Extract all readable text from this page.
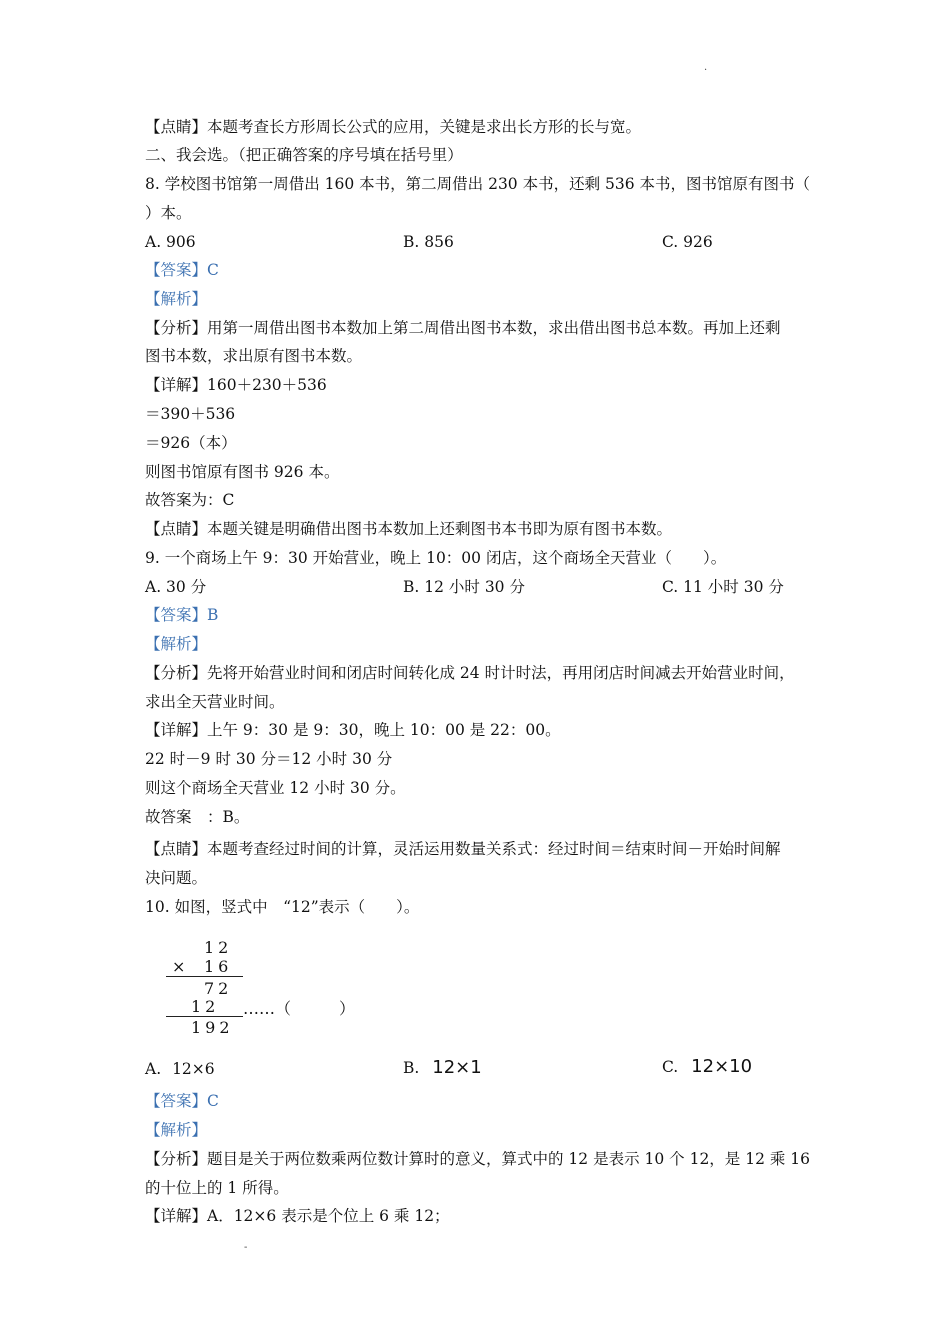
.
【点睛】本题考查长方形周长公式的应用，关键是求出长方形的长与宽。
二、我会选。（把正确答案的序号填在括号里）
8. 学校图书馆第一周借出 160 本书，第二周借出 230 本书，还剩 536 本书，图书馆原有图书（
）本。
A. 906	B. 856	C. 926
【答案】C
【解析】
【分析】用第一周借出图书本数加上第二周借出图书本数，求出借出图书总本数。再加上还剩
图书本数，求出原有图书本数。
【详解】160＋230＋536
＝390＋536
＝926（本）
则图书馆原有图书 926 本。
故答案为：C
【点睛】本题关键是明确借出图书本数加上还剩图书本书即为原有图书本数。
9. 一个商场上午 9：30 开始营业，晚上 10：00 闭店，这个商场全天营业（　　）。
A. 30 分	B. 12 小时 30 分	C. 11 小时 30 分
【答案】B
【解析】
【分析】先将开始营业时间和闭店时间转化成 24 时计时法，再用闭店时间减去开始营业时间，
求出全天营业时间。
【详解】上午 9：30 是 9：30，晚上 10：00 是 22：00。
22 时－9 时 30 分＝12 小时 30 分
则这个商场全天营业 12 小时 30 分。
故答案　：B。
【点睛】本题考查经过时间的计算，灵活运用数量关系式：经过时间＝结束时间－开始时间解
决问题。
10. 如图，竖式中　“12”表示（　　）。
12
× 16
72
12 ……（　　　）
192
A. 12×6	B. 12×1	C. 12×10
【答案】C
【解析】
【分析】题目是关于两位数乘两位数计算时的意义，算式中的 12 是表示 10 个 12，是 12 乘 16
的十位上的 1 所得。
【详解】A．12×6 表示是个位上 6 乘 12；
-
